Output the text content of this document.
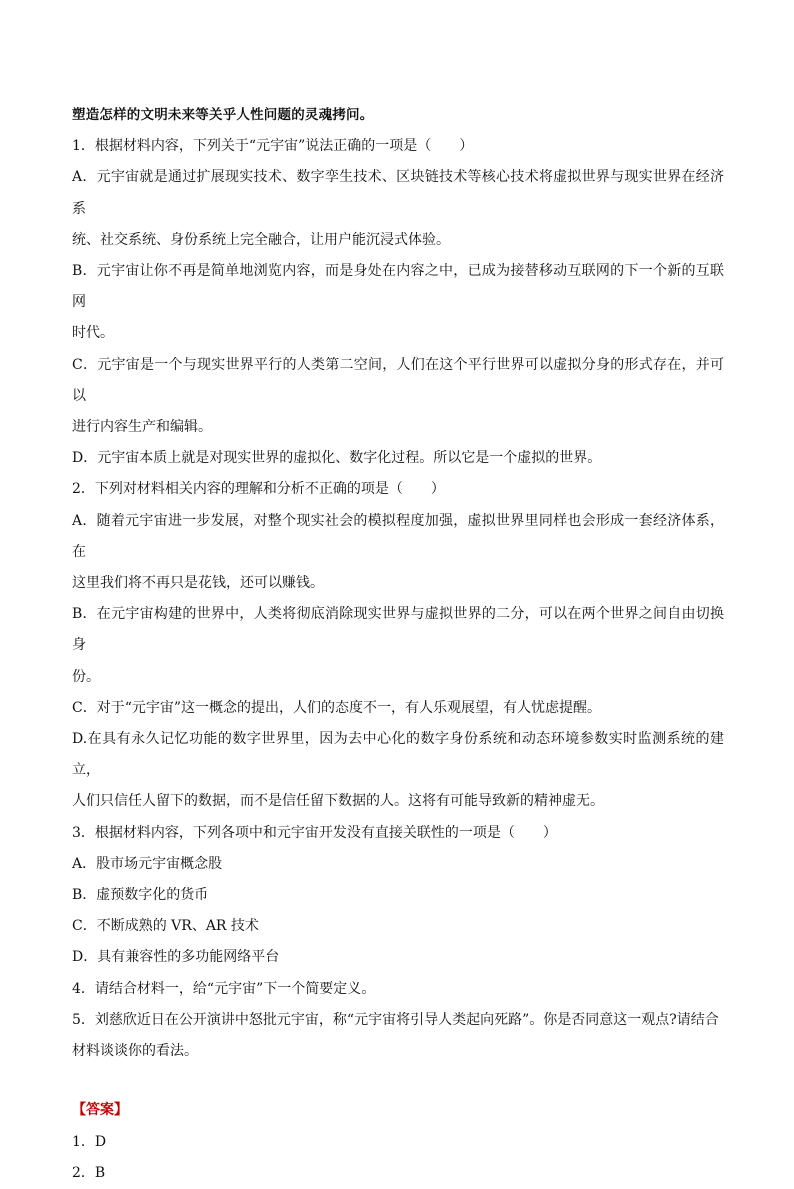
塑造怎样的文明未来等关乎人性问题的灵魂拷问。

1．根据材料内容，下列关于“元宇宙”说法正确的一项是（　　）

A．元宇宙就是通过扩展现实技术、数字孪生技术、区块链技术等核心技术将虚拟世界与现实世界在经济系

统、社交系统、身份系统上完全融合，让用户能沉浸式体验。

B．元宇宙让你不再是简单地浏览内容，而是身处在内容之中，已成为接替移动互联网的下一个新的互联网

时代。

C．元宇宙是一个与现实世界平行的人类第二空间，人们在这个平行世界可以虚拟分身的形式存在，并可以

进行内容生产和编辑。

D．元宇宙本质上就是对现实世界的虚拟化、数字化过程。所以它是一个虚拟的世界。

2．下列对材料相关内容的理解和分析不正确的项是（　　）

A．随着元宇宙进一步发展，对整个现实社会的模拟程度加强，虚拟世界里同样也会形成一套经济体系，在

这里我们将不再只是花钱，还可以赚钱。

B．在元宇宙构建的世界中，人类将彻底消除现实世界与虚拟世界的二分，可以在两个世界之间自由切换身

份。

C．对于“元宇宙”这一概念的提出，人们的态度不一，有人乐观展望，有人忧虑提醒。

D.在具有永久记忆功能的数字世界里，因为去中心化的数字身份系统和动态环境参数实时监测系统的建立，

人们只信任人留下的数据，而不是信任留下数据的人。这将有可能导致新的精神虚无。

3．根据材料内容，下列各项中和元宇宙开发没有直接关联性的一项是（　　）

A．股市场元宇宙概念股

B．虚预数字化的货币

C．不断成熟的 VR、AR 技术

D．具有兼容性的多功能网络平台

4．请结合材料一，给“元宇宙”下一个简要定义。

5．刘慈欣近日在公开演讲中怒批元宇宙，称“元宇宙将引导人类起向死路”。你是否同意这一观点?请结合

材料谈谈你的看法。

【答案】

1．D

2．B
